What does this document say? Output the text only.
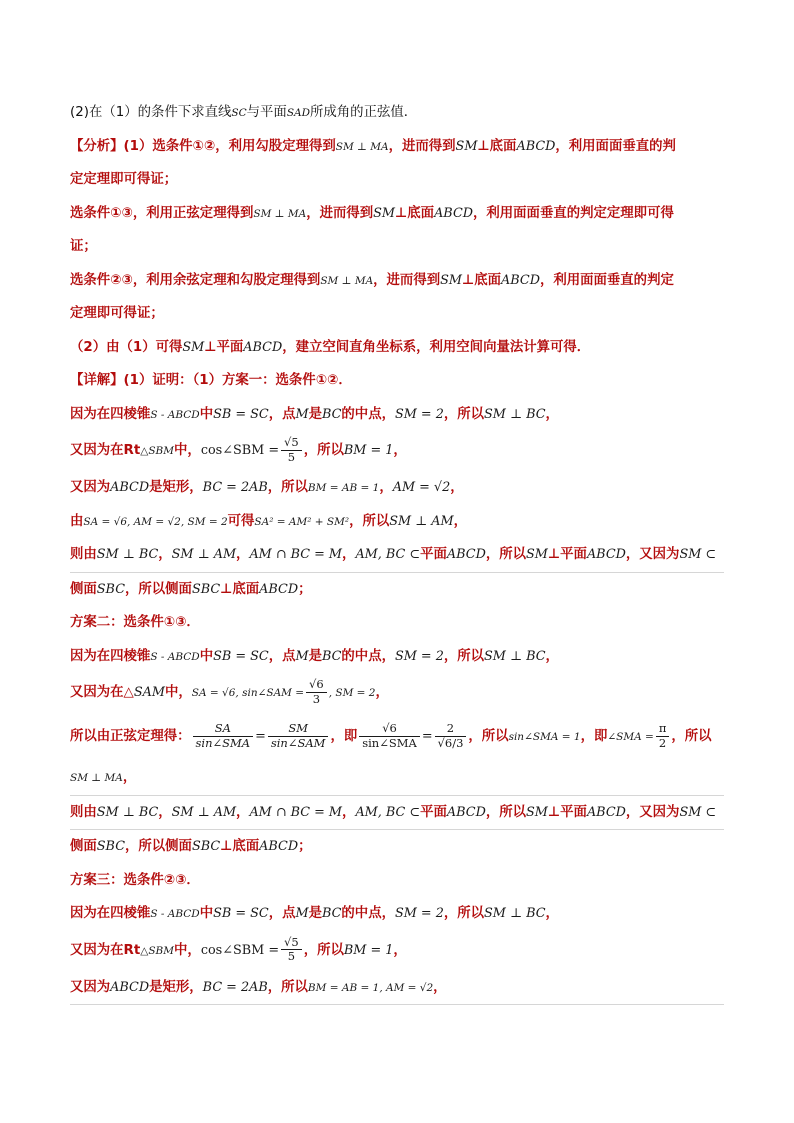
(2)在（1）的条件下求直线SC与平面SAD所成角的正弦值．
【分析】(1）选条件①②，利用勾股定理得到SM ⊥ MA，进而得到SM⊥底面ABCD，利用面面垂直的判
定定理即可得证；
选条件①③，利用正弦定理得到SM ⊥ MA，进而得到SM⊥底面ABCD，利用面面垂直的判定定理即可得
证；
选条件②③，利用余弦定理和勾股定理得到SM ⊥ MA，进而得到SM⊥底面ABCD，利用面面垂直的判定
定理即可得证；
（2）由（1）可得SM⊥平面ABCD，建立空间直角坐标系，利用空间向量法计算可得．
【详解】(1）证明：（1）方案一：选条件①②．
因为在四棱锥S - ABCD中SB = SC，点M是BC的中点，SM = 2，所以SM ⊥ BC，
又因为在Rt△SBM中，cos∠SBM = $\frac{√5}{5}$ ，所以BM = 1，
又因为ABCD是矩形，BC = 2AB，所以BM = AB = 1，AM = √2，
由SA = √6, AM = √2, SM = 2可得SA² = AM² + SM²，所以SM ⊥ AM，
则由SM ⊥ BC，SM ⊥ AM，AM ∩ BC = M，AM, BC ⊂平面ABCD，所以SM⊥平面ABCD，又因为SM ⊂
侧面SBC，所以侧面SBC⊥底面ABCD；
方案二：选条件①③．
因为在四棱锥S - ABCD中SB = SC，点M是BC的中点，SM = 2，所以SM ⊥ BC，
又因为在△SAM中，SA = √6, sin∠SAM = $\frac{√6}{3}$ , SM = 2，
所以由正弦定理得： $\frac{SA}{\text{sin∠SMA}} = \frac{SM}{\text{sin∠SAM}}$ ，即 $\frac{√6}{\text{sin∠SMA}} = \frac{2}{√6/3}$ ，所以sin∠SMA = 1，即∠SMA = $\frac{\pi}{2}$ ，所以
SM ⊥ MA，
则由SM ⊥ BC，SM ⊥ AM，AM ∩ BC = M，AM, BC ⊂平面ABCD，所以SM⊥平面ABCD，又因为SM ⊂
侧面SBC，所以侧面SBC⊥底面ABCD；
方案三：选条件②③．
因为在四棱锥S - ABCD中SB = SC，点M是BC的中点，SM = 2，所以SM ⊥ BC，
又因为在Rt△SBM中，cos∠SBM = $\frac{√5}{5}$ ，所以BM = 1，
又因为ABCD是矩形，BC = 2AB，所以BM = AB = 1, AM = √2，
